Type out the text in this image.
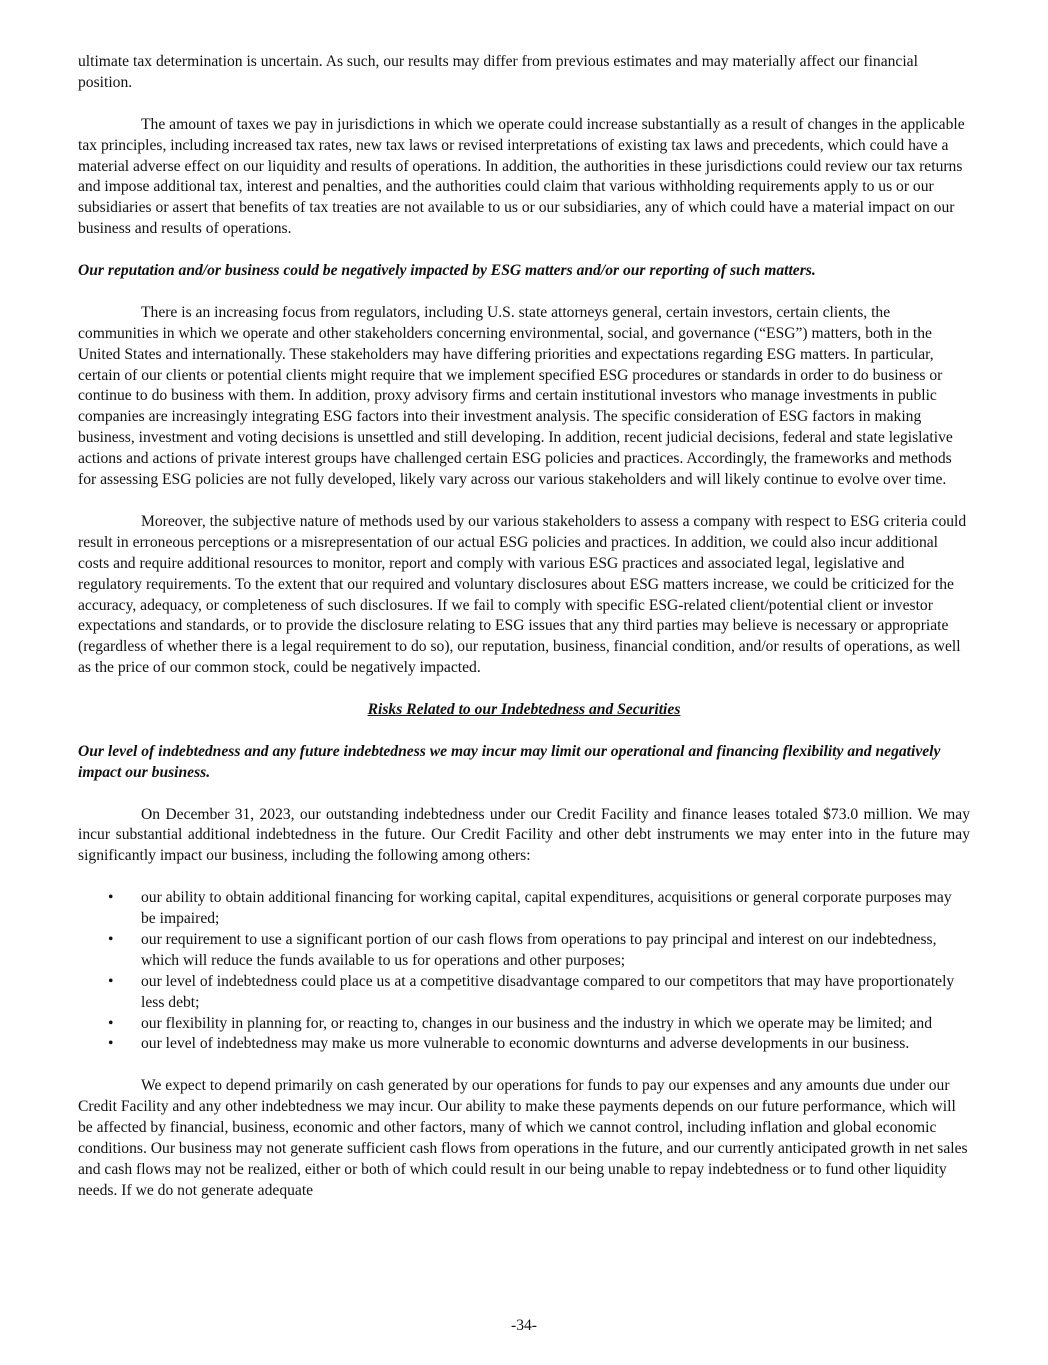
ultimate tax determination is uncertain. As such, our results may differ from previous estimates and may materially affect our financial position.

The amount of taxes we pay in jurisdictions in which we operate could increase substantially as a result of changes in the applicable tax principles, including increased tax rates, new tax laws or revised interpretations of existing tax laws and precedents, which could have a material adverse effect on our liquidity and results of operations. In addition, the authorities in these jurisdictions could review our tax returns and impose additional tax, interest and penalties, and the authorities could claim that various withholding requirements apply to us or our subsidiaries or assert that benefits of tax treaties are not available to us or our subsidiaries, any of which could have a material impact on our business and results of operations.

Our reputation and/or business could be negatively impacted by ESG matters and/or our reporting of such matters.

There is an increasing focus from regulators, including U.S. state attorneys general, certain investors, certain clients, the communities in which we operate and other stakeholders concerning environmental, social, and governance (“ESG”) matters, both in the United States and internationally. These stakeholders may have differing priorities and expectations regarding ESG matters. In particular, certain of our clients or potential clients might require that we implement specified ESG procedures or standards in order to do business or continue to do business with them. In addition, proxy advisory firms and certain institutional investors who manage investments in public companies are increasingly integrating ESG factors into their investment analysis. The specific consideration of ESG factors in making business, investment and voting decisions is unsettled and still developing. In addition, recent judicial decisions, federal and state legislative actions and actions of private interest groups have challenged certain ESG policies and practices. Accordingly, the frameworks and methods for assessing ESG policies are not fully developed, likely vary across our various stakeholders and will likely continue to evolve over time.

Moreover, the subjective nature of methods used by our various stakeholders to assess a company with respect to ESG criteria could result in erroneous perceptions or a misrepresentation of our actual ESG policies and practices. In addition, we could also incur additional costs and require additional resources to monitor, report and comply with various ESG practices and associated legal, legislative and regulatory requirements. To the extent that our required and voluntary disclosures about ESG matters increase, we could be criticized for the accuracy, adequacy, or completeness of such disclosures. If we fail to comply with specific ESG-related client/potential client or investor expectations and standards, or to provide the disclosure relating to ESG issues that any third parties may believe is necessary or appropriate (regardless of whether there is a legal requirement to do so), our reputation, business, financial condition, and/or results of operations, as well as the price of our common stock, could be negatively impacted.

Risks Related to our Indebtedness and Securities

Our level of indebtedness and any future indebtedness we may incur may limit our operational and financing flexibility and negatively impact our business.

On December 31, 2023, our outstanding indebtedness under our Credit Facility and finance leases totaled $73.0 million. We may incur substantial additional indebtedness in the future. Our Credit Facility and other debt instruments we may enter into in the future may significantly impact our business, including the following among others:

• our ability to obtain additional financing for working capital, capital expenditures, acquisitions or general corporate purposes may be impaired;
• our requirement to use a significant portion of our cash flows from operations to pay principal and interest on our indebtedness, which will reduce the funds available to us for operations and other purposes;
• our level of indebtedness could place us at a competitive disadvantage compared to our competitors that may have proportionately less debt;
• our flexibility in planning for, or reacting to, changes in our business and the industry in which we operate may be limited; and
• our level of indebtedness may make us more vulnerable to economic downturns and adverse developments in our business.

We expect to depend primarily on cash generated by our operations for funds to pay our expenses and any amounts due under our Credit Facility and any other indebtedness we may incur. Our ability to make these payments depends on our future performance, which will be affected by financial, business, economic and other factors, many of which we cannot control, including inflation and global economic conditions. Our business may not generate sufficient cash flows from operations in the future, and our currently anticipated growth in net sales and cash flows may not be realized, either or both of which could result in our being unable to repay indebtedness or to fund other liquidity needs. If we do not generate adequate

-34-
